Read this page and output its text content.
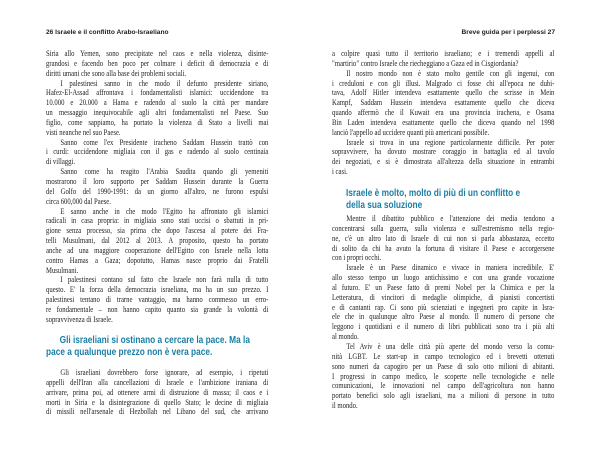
26 Israele e il conflitto Arabo-Israeliano	Breve guida per i perplessi 27
Siria allo Yemen, sono precipitate nel caos e nella violenza, disinte-
grandosi e facendo ben poco per colmare i deficit di democrazia e di
diritti umani che sono alla base dei problemi sociali.
I palestinesi sanno in che modo il defunto presidente siriano,
Hafez-El-Assad affrontava i fondamentalisti islamici: uccidendone tra
10.000 e 20.000 a Hama e radendo al suolo la città per mandare
un messaggio inequivocabile agli altri fondamentalisti nel Paese. Suo
figlio, come sappiamo, ha portato la violenza di Stato a livelli mai
visti neanche nel suo Paese.
Sanno come l'ex Presidente iracheno Saddam Hussein trattò con
i curdi: uccidendone migliaia con il gas e radendo al suolo centinaia
di villaggi.
Sanno come ha reagito l'Arabia Saudita quando gli yemeniti
mostrarono il loro supporto per Saddam Hussein durante la Guerra
del Golfo del 1990-1991: da un giorno all'altro, ne furono espulsi
circa 600,000 dal Paese.
E sanno anche in che modo l'Egitto ha affrontato gli islamici
radicali in casa propria: in migliaia sono stati uccisi o sbattuti in pri-
gione senza processo, sia prima che dopo l'ascesa al potere dei Fra-
telli Musulmani, dal 2012 al 2013. A proposito, questo ha portato
anche ad una maggiore cooperazione dell'Egitto con Israele nella lotta
contro Hamas a Gaza; dopotutto, Hamas nasce proprio dai Fratelli
Musulmani.
I palestinesi contano sul fatto che Israele non farà nulla di tutto
questo. E' la forza della democrazia israeliana, ma ha un suo prezzo. I
palestinesi tentano di trarne vantaggio, ma hanno commesso un erro-
re fondamentale – non hanno capito quanto sia grande la volontà di
sopravvivenza di Israele.
Gli israeliani si ostinano a cercare la pace. Ma la
pace a qualunque prezzo non è vera pace.
Gli israeliani dovrebbero forse ignorare, ad esempio, i ripetuti
appelli dell'Iran alla cancellazioni di Israele e l'ambizione iraniana di
arrivare, prima poi, ad ottenere armi di distruzione di massa; il caos e i
morti in Siria e la disintegrazione di quello Stato; le decine di migliaia
di missili nell'arsenale di Hezbollah nel Libano del sud, che arrivano
a colpire quasi tutto il territorio israeliano; e i tremendi appelli al
"martirio" contro Israele che riecheggiano a Gaza ed in Cisgiordania?
Il nostro mondo non è stato molto gentile con gli ingenui, con
i creduloni e con gli illusi. Malgrado ci fosse chi all'epoca ne dubi-
tava, Adolf Hitler intendeva esattamente quello che scrisse in Mein
Kampf, Saddam Hussein intendeva esattamente quello che diceva
quando affermò che il Kuwait era una provincia irachena, e Osama
Bin Laden intendeva esattamente quello che diceva quando nel 1998
lanciò l'appello ad uccidere quanti più americani possibile.
Israele si trova in una regione particolarmente difficile. Per poter
sopravvivere, ha dovuto mostrare coraggio in battaglia ed al tavolo
dei negoziati, e si è dimostrata all'altezza della situazione in entrambi
i casi.
Israele è molto, molto di più di un conflitto e
della sua soluzione
Mentre il dibattito pubblico e l'attenzione dei media tendono a
concentrarsi sulla guerra, sulla violenza e sull'estremismo nella regio-
ne, c'è un altro lato di Israele di cui non si parla abbastanza, eccetto
di solito da chi ha avuto la fortuna di visitare il Paese e accorgersene
con i propri occhi.
Israele è un Paese dinamico e vivace in maniera incredibile. E'
allo stesso tempo un luogo antichissimo e con una grande vocazione
al futuro. E' un Paese fatto di premi Nobel per la Chimica e per la
Letteratura, di vincitori di medaglie olimpiche, di pianisti concertisti
e di cantanti rap. Ci sono più scienziati e ingegneri pro capite in Isra-
ele che in qualunque altro Paese al mondo. Il numero di persone che
leggono i quotidiani e il numero di libri pubblicati sono tra i più alti
al mondo.
Tel Aviv è una delle città più aperte del mondo verso la comu-
nità LGBT. Le start-up in campo tecnologico ed i brevetti ottenuti
sono numeri da capogiro per un Paese di solo otto milioni di abitanti.
I progressi in campo medico, le scoperte nelle tecnologiche e nelle
comunicazioni, le innovazioni nel campo dell'agricoltura non hanno
portato benefici solo agli israeliani, ma a milioni di persone in tutto
il mondo.
